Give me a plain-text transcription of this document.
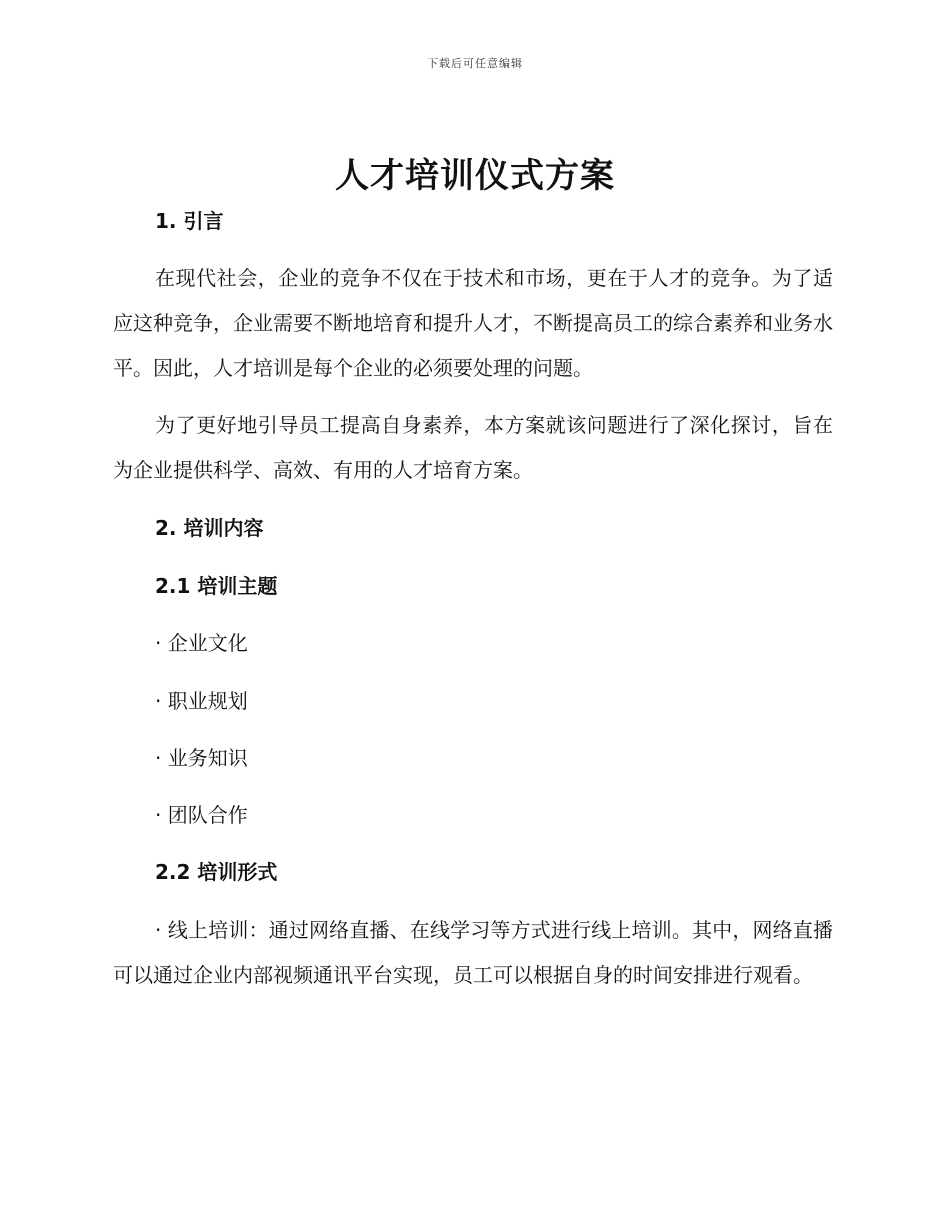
下载后可任意编辑
人才培训仪式方案
1. 引言

在现代社会，企业的竞争不仅在于技术和市场，更在于人才的竞争。为了适应这种竞争，企业需要不断地培育和提升人才，不断提高员工的综合素养和业务水平。因此，人才培训是每个企业的必须要处理的问题。

为了更好地引导员工提高自身素养，本方案就该问题进行了深化探讨，旨在为企业提供科学、高效、有用的人才培育方案。

2. 培训内容
2.1 培训主题
· 企业文化
· 职业规划
· 业务知识
· 团队合作
2.2 培训形式

· 线上培训：通过网络直播、在线学习等方式进行线上培训。其中，网络直播可以通过企业内部视频通讯平台实现，员工可以根据自身的时间安排进行观看。
